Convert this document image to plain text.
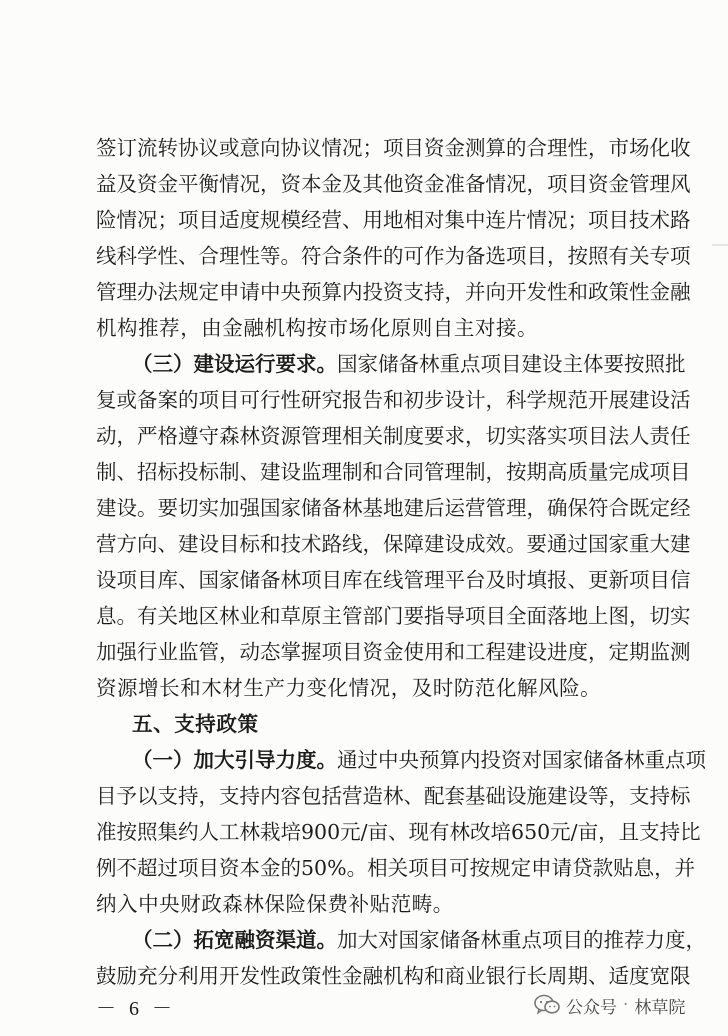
签订流转协议或意向协议情况；项目资金测算的合理性，市场化收
益及资金平衡情况，资本金及其他资金准备情况，项目资金管理风
险情况；项目适度规模经营、用地相对集中连片情况；项目技术路
线科学性、合理性等。符合条件的可作为备选项目，按照有关专项
管理办法规定申请中央预算内投资支持，并向开发性和政策性金融
机构推荐，由金融机构按市场化原则自主对接。
（三）建设运行要求。国家储备林重点项目建设主体要按照批
复或备案的项目可行性研究报告和初步设计，科学规范开展建设活
动，严格遵守森林资源管理相关制度要求，切实落实项目法人责任
制、招标投标制、建设监理制和合同管理制，按期高质量完成项目
建设。要切实加强国家储备林基地建后运营管理，确保符合既定经
营方向、建设目标和技术路线，保障建设成效。要通过国家重大建
设项目库、国家储备林项目库在线管理平台及时填报、更新项目信
息。有关地区林业和草原主管部门要指导项目全面落地上图，切实
加强行业监管，动态掌握项目资金使用和工程建设进度，定期监测
资源增长和木材生产力变化情况，及时防范化解风险。
五、支持政策
（一）加大引导力度。通过中央预算内投资对国家储备林重点项
目予以支持，支持内容包括营造林、配套基础设施建设等，支持标
准按照集约人工林栽培900元/亩、现有林改培650元/亩，且支持比
例不超过项目资本金的50%。相关项目可按规定申请贷款贴息，并
纳入中央财政森林保险保费补贴范畴。
（二）拓宽融资渠道。加大对国家储备林重点项目的推荐力度，
鼓励充分利用开发性政策性金融机构和商业银行长周期、适度宽限
－ 6 －	公众号 · 林草院
